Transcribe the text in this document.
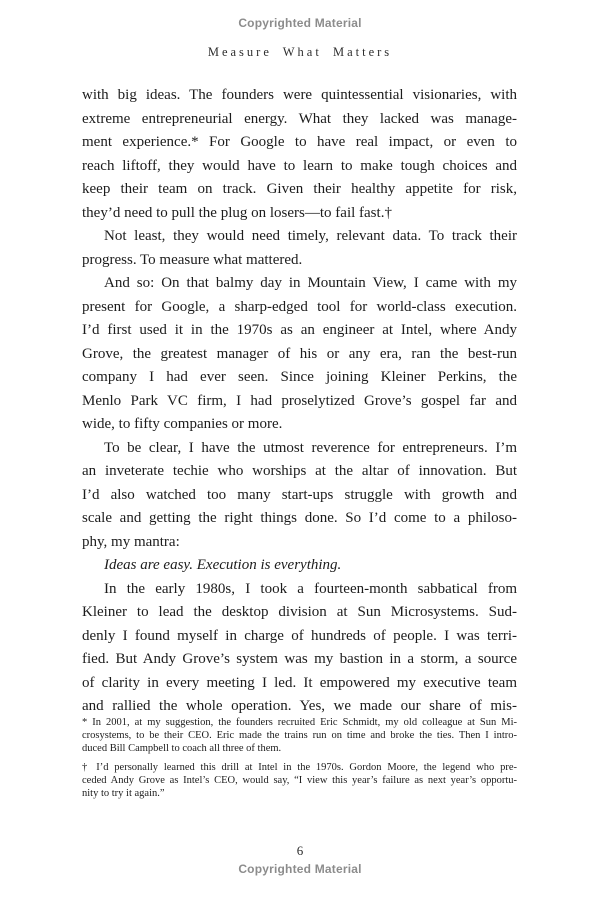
Copyrighted Material
Measure What Matters
with big ideas. The founders were quintessential visionaries, with
extreme entrepreneurial energy. What they lacked was manage-
ment experience.* For Google to have real impact, or even to
reach liftoff, they would have to learn to make tough choices and
keep their team on track. Given their healthy appetite for risk,
they’d need to pull the plug on losers—to fail fast.†
Not least, they would need timely, relevant data. To track their
progress. To measure what mattered.
And so: On that balmy day in Mountain View, I came with my
present for Google, a sharp-edged tool for world-class execution.
I’d first used it in the 1970s as an engineer at Intel, where Andy
Grove, the greatest manager of his or any era, ran the best-run
company I had ever seen. Since joining Kleiner Perkins, the
Menlo Park VC firm, I had proselytized Grove’s gospel far and
wide, to fifty companies or more.
To be clear, I have the utmost reverence for entrepreneurs. I’m
an inveterate techie who worships at the altar of innovation. But
I’d also watched too many start-ups struggle with growth and
scale and getting the right things done. So I’d come to a philoso-
phy, my mantra:
Ideas are easy. Execution is everything.
In the early 1980s, I took a fourteen-month sabbatical from
Kleiner to lead the desktop division at Sun Microsystems. Sud-
denly I found myself in charge of hundreds of people. I was terri-
fied. But Andy Grove’s system was my bastion in a storm, a source
of clarity in every meeting I led. It empowered my executive team
and rallied the whole operation. Yes, we made our share of mis-
* In 2001, at my suggestion, the founders recruited Eric Schmidt, my old colleague at Sun Mi-
crosystems, to be their CEO. Eric made the trains run on time and broke the ties. Then I intro-
duced Bill Campbell to coach all three of them.
† I’d personally learned this drill at Intel in the 1970s. Gordon Moore, the legend who pre-
ceded Andy Grove as Intel’s CEO, would say, “I view this year’s failure as next year’s opportu-
nity to try it again.”
6
Copyrighted Material
